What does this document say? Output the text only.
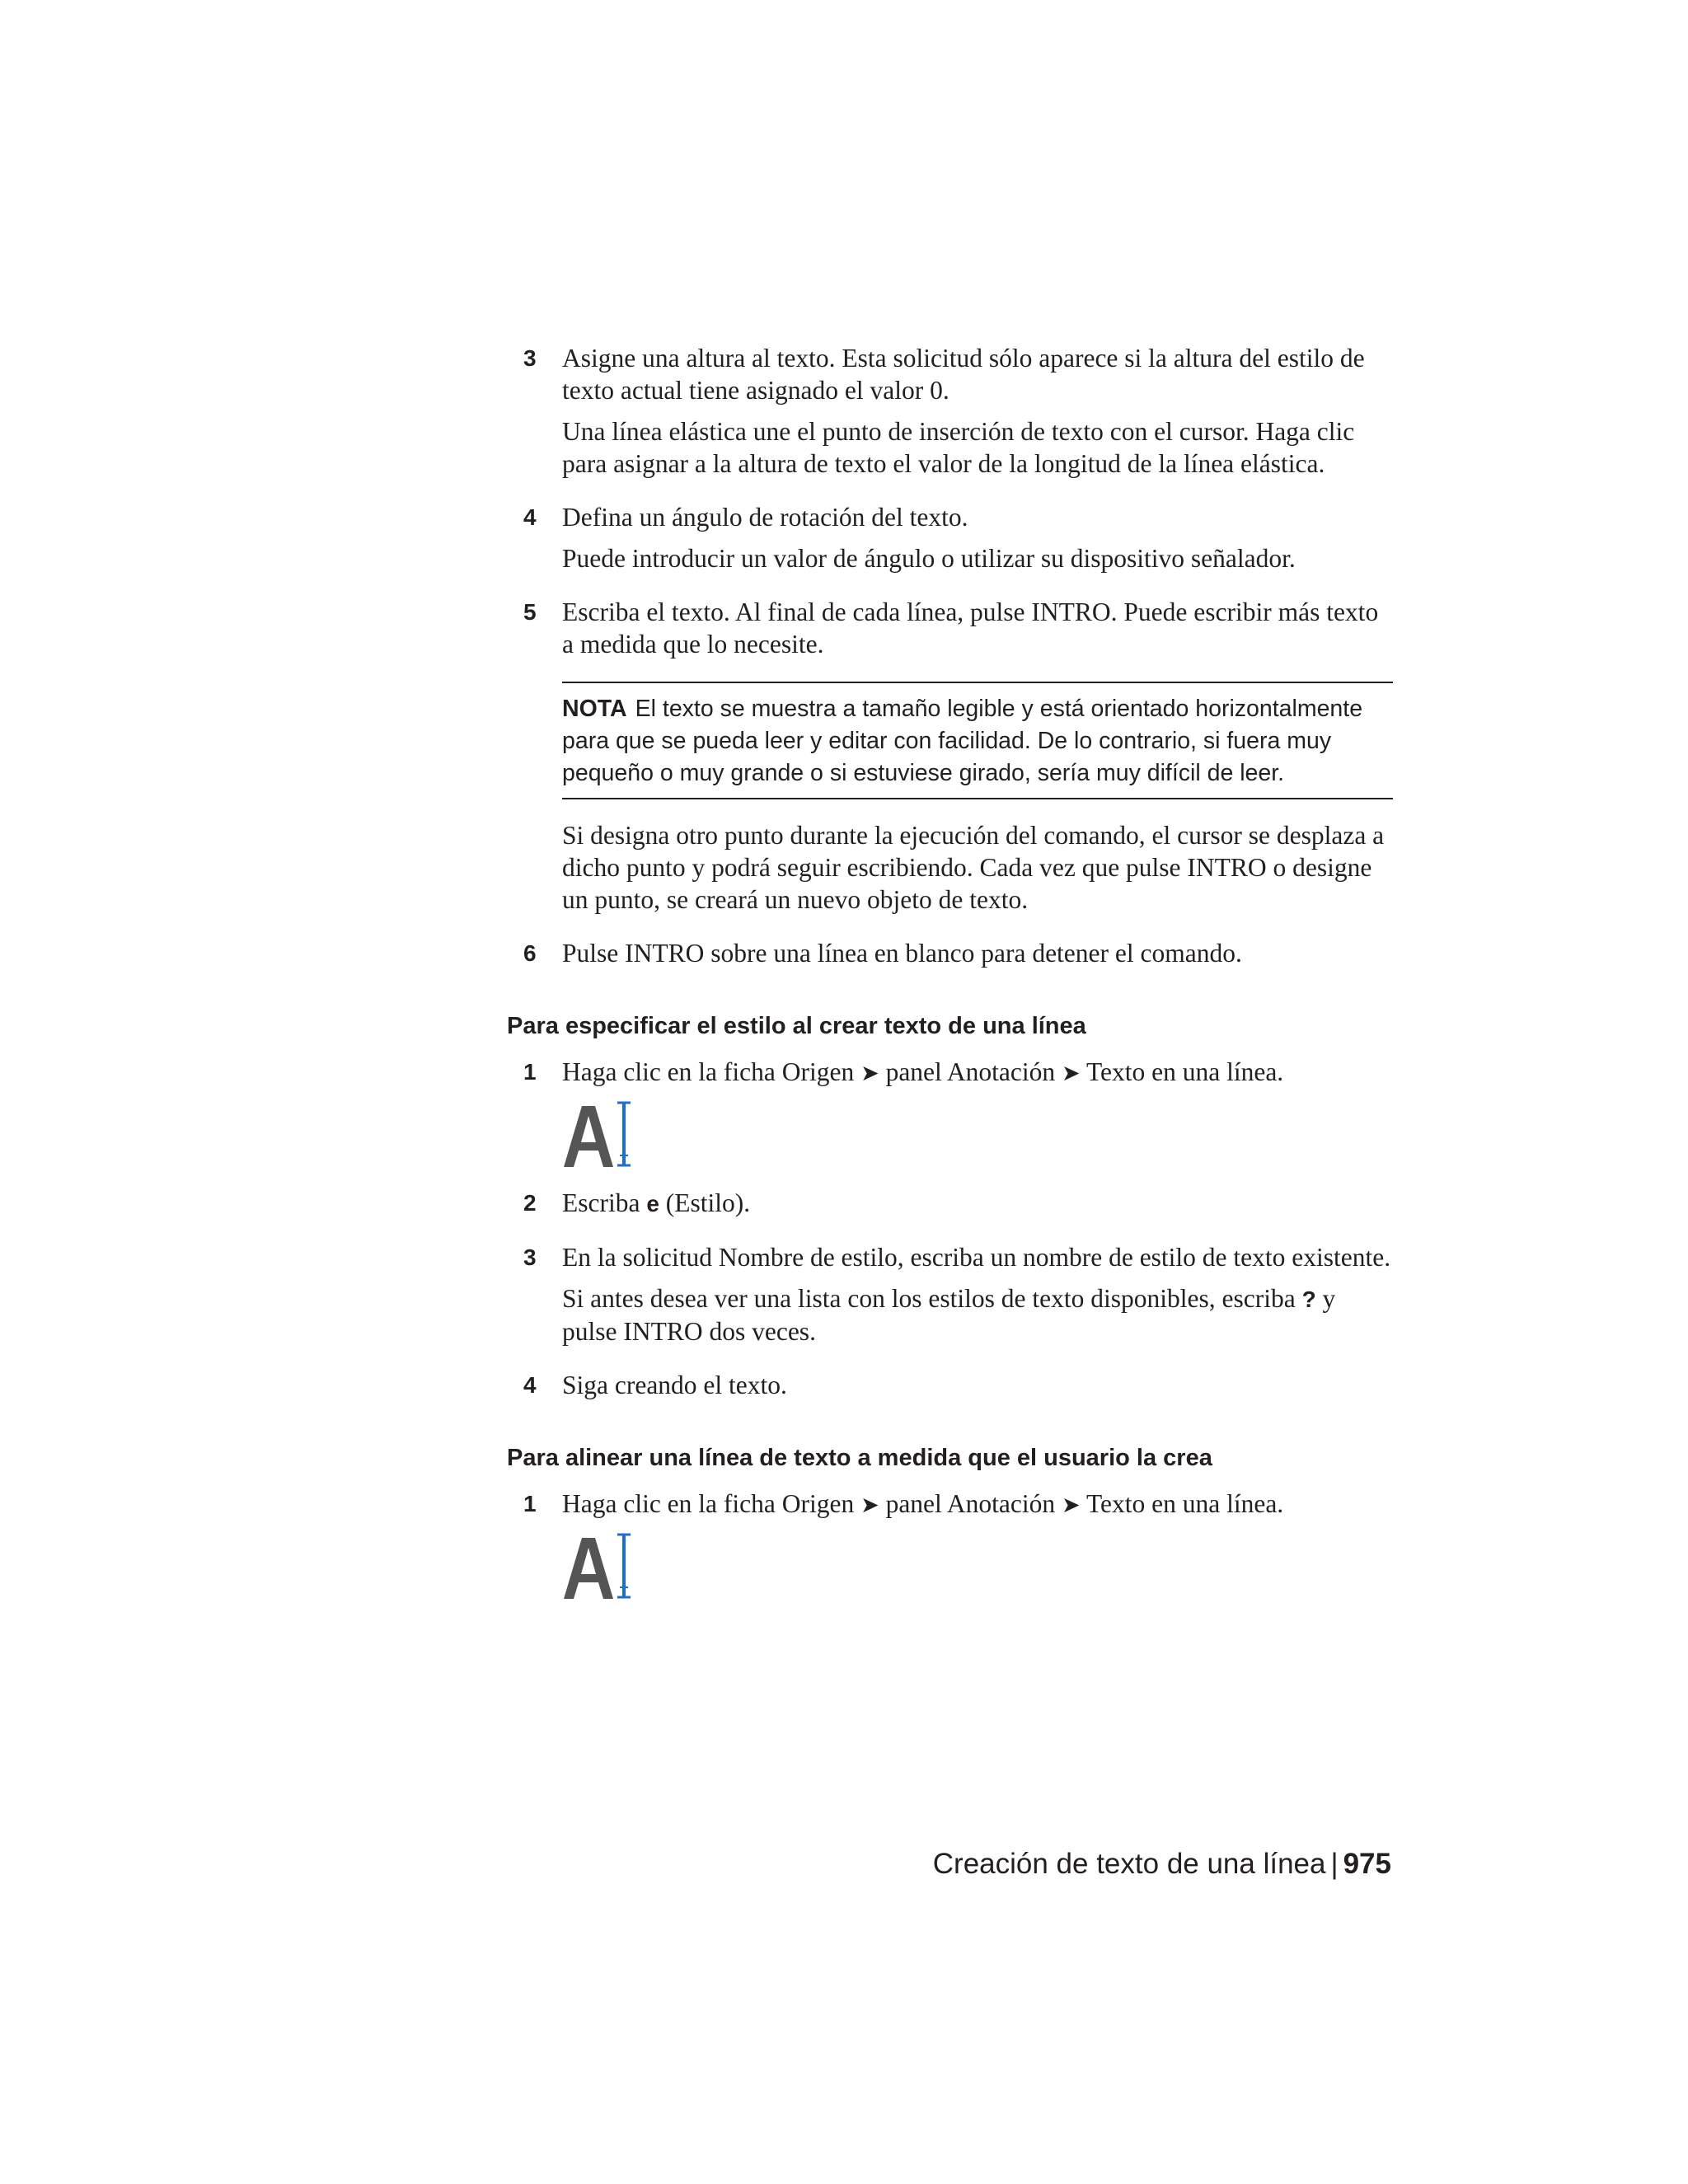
3 Asigne una altura al texto. Esta solicitud sólo aparece si la altura del estilo de texto actual tiene asignado el valor 0.

Una línea elástica une el punto de inserción de texto con el cursor. Haga clic para asignar a la altura de texto el valor de la longitud de la línea elástica.

4 Defina un ángulo de rotación del texto.

Puede introducir un valor de ángulo o utilizar su dispositivo señalador.

5 Escriba el texto. Al final de cada línea, pulse INTRO. Puede escribir más texto a medida que lo necesite.

NOTA El texto se muestra a tamaño legible y está orientado horizontalmente para que se pueda leer y editar con facilidad. De lo contrario, si fuera muy pequeño o muy grande o si estuviese girado, sería muy difícil de leer.

Si designa otro punto durante la ejecución del comando, el cursor se desplaza a dicho punto y podrá seguir escribiendo. Cada vez que pulse INTRO o designe un punto, se creará un nuevo objeto de texto.

6 Pulse INTRO sobre una línea en blanco para detener el comando.

Para especificar el estilo al crear texto de una línea
1 Haga clic en la ficha Origen ➤ panel Anotación ➤ Texto en una línea.

2 Escriba e (Estilo).

3 En la solicitud Nombre de estilo, escriba un nombre de estilo de texto existente.

Si antes desea ver una lista con los estilos de texto disponibles, escriba ? y pulse INTRO dos veces.

4 Siga creando el texto.

Para alinear una línea de texto a medida que el usuario la crea
1 Haga clic en la ficha Origen ➤ panel Anotación ➤ Texto en una línea.

Creación de texto de una línea | 975
